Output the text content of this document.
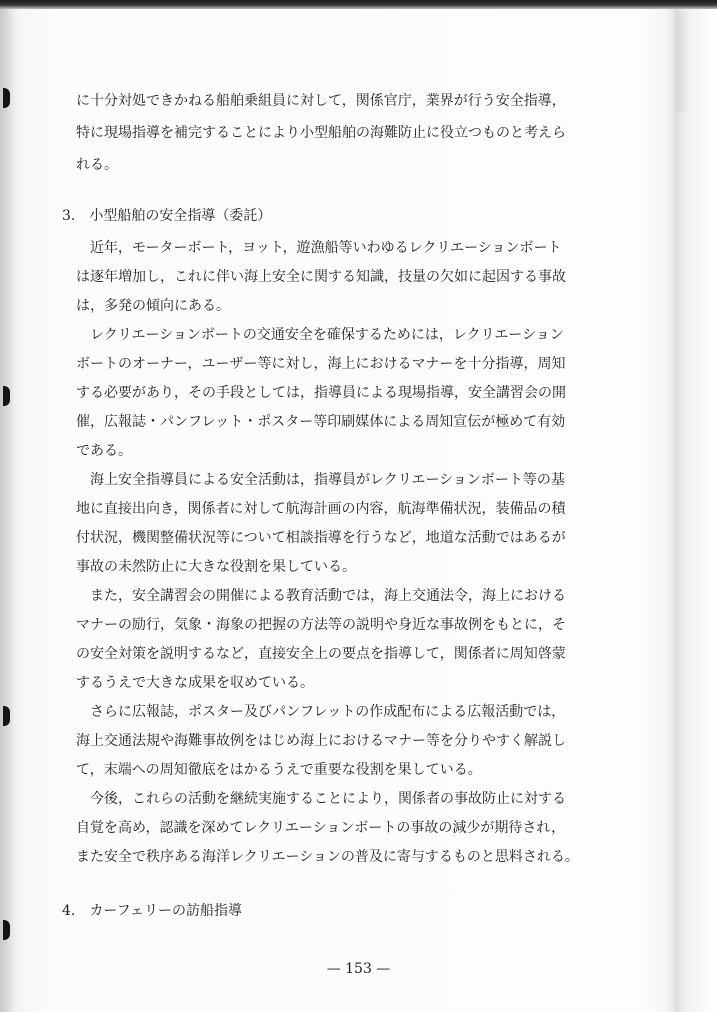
に十分対処できかねる船舶乗組員に対して，関係官庁，業界が行う安全指導，

特に現場指導を補完することにより小型船舶の海難防止に役立つものと考えら

れる。

3.　小型船舶の安全指導（委託）

近年，モーターボート，ヨット，遊漁船等いわゆるレクリエーションボート

は逐年増加し，これに伴い海上安全に関する知識，技量の欠如に起因する事故

は，多発の傾向にある。

レクリエーションボートの交通安全を確保するためには，レクリエーション

ボートのオーナー，ユーザー等に対し，海上におけるマナーを十分指導，周知

する必要があり，その手段としては，指導員による現場指導，安全講習会の開

催，広報誌・パンフレット・ポスター等印刷媒体による周知宣伝が極めて有効

である。

海上安全指導員による安全活動は，指導員がレクリエーションボート等の基

地に直接出向き，関係者に対して航海計画の内容，航海準備状況，装備品の積

付状況，機関整備状況等について相談指導を行うなど，地道な活動ではあるが

事故の未然防止に大きな役割を果している。

また，安全講習会の開催による教育活動では，海上交通法令，海上における

マナーの励行，気象・海象の把握の方法等の説明や身近な事故例をもとに，そ

の安全対策を説明するなど，直接安全上の要点を指導して，関係者に周知啓蒙

するうえで大きな成果を収めている。

さらに広報誌，ポスター及びパンフレットの作成配布による広報活動では，

海上交通法規や海難事故例をはじめ海上におけるマナー等を分りやすく解説し

て，末端への周知徹底をはかるうえで重要な役割を果している。

今後，これらの活動を継続実施することにより，関係者の事故防止に対する

自覚を高め，認識を深めてレクリエーションボートの事故の減少が期待され，

また安全で秩序ある海洋レクリエーションの普及に寄与するものと思料される。

4.　カーフェリーの訪船指導

— 153 —
